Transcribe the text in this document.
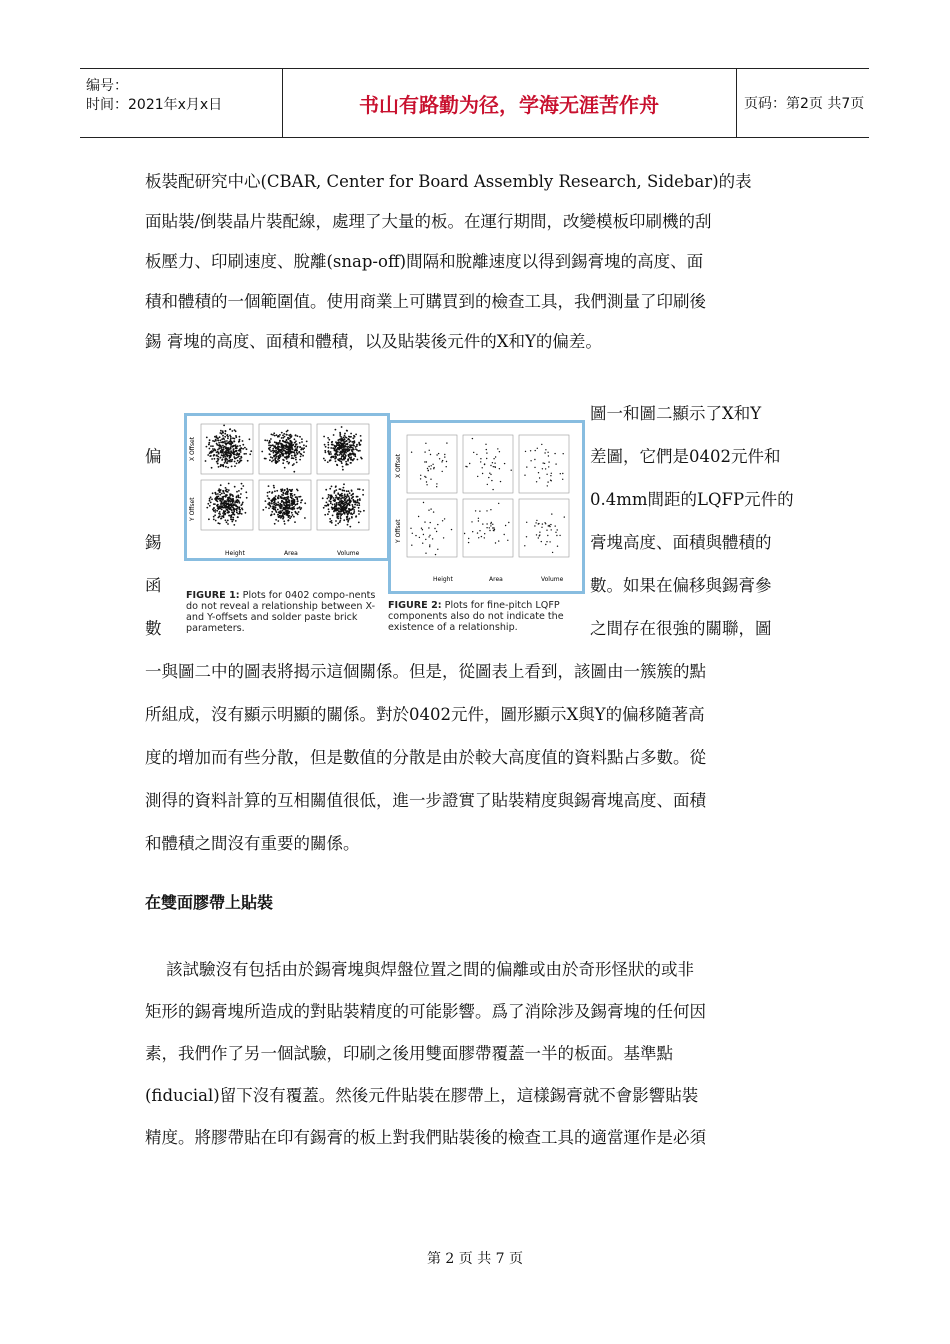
编号：
时间：2021年x月x日	书山有路勤为径，学海无涯苦作舟	页码：第2页 共7页
板裝配研究中心(CBAR, Center for Board Assembly Research, Sidebar)的表
面貼裝/倒裝晶片裝配線，處理了大量的板。在運行期間，改變模板印刷機的刮
板壓力、印刷速度、脫離(snap-off)間隔和脫離速度以得到錫膏塊的高度、面
積和體積的一個範圍值。使用商業上可購買到的檢查工具，我們測量了印刷後
錫 膏塊的高度、面積和體積，以及貼裝後元件的X和Y的偏差。
圖一和圖二顯示了X和Y
偏	差圖，它們是0402元件和
0.4mm間距的LQFP元件的
錫	膏塊高度、面積與體積的
函	數。如果在偏移與錫膏參
數	之間存在很強的關聯，圖
一與圖二中的圖表將揭示這個關係。但是，從圖表上看到，該圖由一簇簇的點
所組成，沒有顯示明顯的關係。對於0402元件，圖形顯示X與Y的偏移隨著高
度的增加而有些分散，但是數值的分散是由於較大高度值的資料點占多數。從
測得的資料計算的互相關值很低，進一步證實了貼裝精度與錫膏塊高度、面積
和體積之間沒有重要的關係。
X Offset
Y Offset
Height	Area	Volume
FIGURE 1: Plots for 0402 compo-nents do not reveal a relationship between X- and Y-offsets and solder paste brick parameters.
X Offset
Y Offset
Height	Area	Volume
FIGURE 2: Plots for fine-pitch LQFP components also do not indicate the existence of a relationship.
在雙面膠帶上貼裝
該試驗沒有包括由於錫膏塊與焊盤位置之間的偏離或由於奇形怪狀的或非
矩形的錫膏塊所造成的對貼裝精度的可能影響。爲了消除涉及錫膏塊的任何因
素，我們作了另一個試驗，印刷之後用雙面膠帶覆蓋一半的板面。基準點
(fiducial)留下沒有覆蓋。然後元件貼裝在膠帶上，這樣錫膏就不會影響貼裝
精度。將膠帶貼在印有錫膏的板上對我們貼裝後的檢查工具的適當運作是必須
第 2 页 共 7 页
